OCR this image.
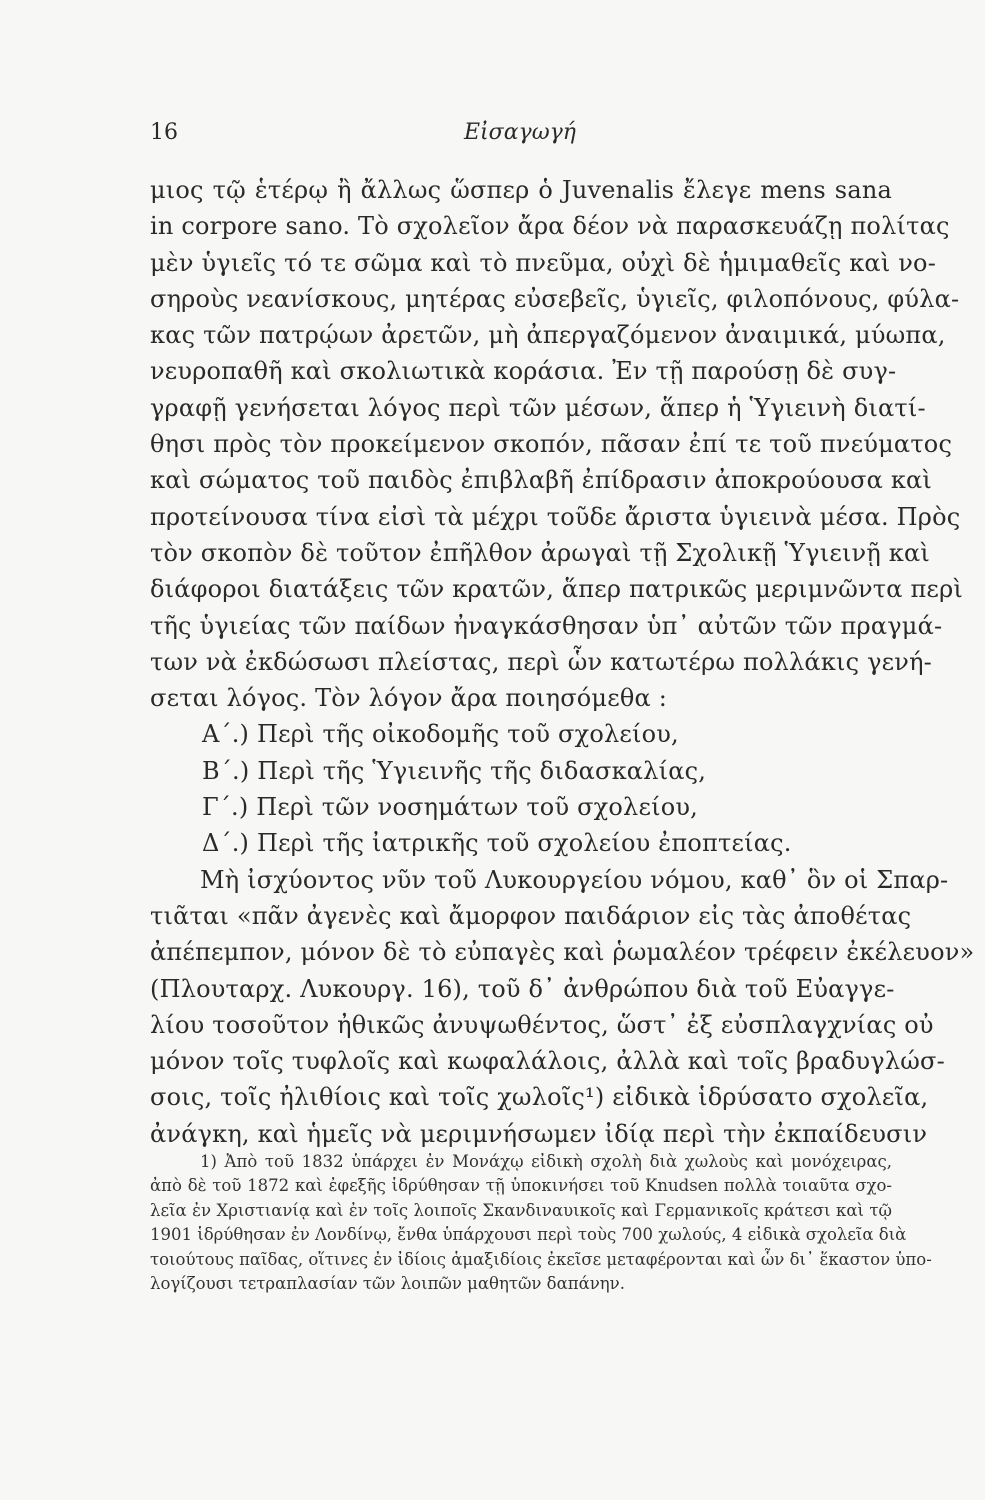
16	Εἰσαγωγή
μιος τῷ ἑτέρῳ ἢ ἄλλως ὥσπερ ὁ Juvenalis ἔλεγε mens sana
in corpore sano. Τὸ σχολεῖον ἄρα δέον νὰ παρασκευάζῃ πολίτας
μὲν ὑγιεῖς τό τε σῶμα καὶ τὸ πνεῦμα, οὐχὶ δὲ ἡμιμαθεῖς καὶ νο-
σηροὺς νεανίσκους, μητέρας εὐσεβεῖς, ὑγιεῖς, φιλοπόνους, φύλα-
κας τῶν πατρῴων ἀρετῶν, μὴ ἀπεργαζόμενον ἀναιμικά, μύωπα,
νευροπαθῆ καὶ σκολιωτικὰ κοράσια. Ἐν τῇ παρούσῃ δὲ συγ-
γραφῇ γενήσεται λόγος περὶ τῶν μέσων, ἅπερ ἡ Ὑγιεινὴ διατί-
θησι πρὸς τὸν προκείμενον σκοπόν, πᾶσαν ἐπί τε τοῦ πνεύματος
καὶ σώματος τοῦ παιδὸς ἐπιβλαβῆ ἐπίδρασιν ἀποκρούουσα καὶ
προτείνουσα τίνα εἰσὶ τὰ μέχρι τοῦδε ἄριστα ὑγιεινὰ μέσα. Πρὸς
τὸν σκοπὸν δὲ τοῦτον ἐπῆλθον ἀρωγαὶ τῇ Σχολικῇ Ὑγιεινῇ καὶ
διάφοροι διατάξεις τῶν κρατῶν, ἅπερ πατρικῶς μεριμνῶντα περὶ
τῆς ὑγιείας τῶν παίδων ἠναγκάσθησαν ὑπ᾽ αὐτῶν τῶν πραγμά-
των νὰ ἐκδώσωσι πλείστας, περὶ ὧν κατωτέρω πολλάκις γενή-
σεται λόγος. Τὸν λόγον ἄρα ποιησόμεθα :
Α΄.) Περὶ τῆς οἰκοδομῆς τοῦ σχολείου,
Β΄.) Περὶ τῆς Ὑγιεινῆς τῆς διδασκαλίας,
Γ΄.) Περὶ τῶν νοσημάτων τοῦ σχολείου,
Δ΄.) Περὶ τῆς ἰατρικῆς τοῦ σχολείου ἐποπτείας.
Μὴ ἰσχύοντος νῦν τοῦ Λυκουργείου νόμου, καθ᾽ ὃν οἱ Σπαρ-
τιᾶται «πᾶν ἀγενὲς καὶ ἄμορφον παιδάριον εἰς τὰς ἀποθέτας
ἀπέπεμπον, μόνον δὲ τὸ εὐπαγὲς καὶ ῥωμαλέον τρέφειν ἐκέλευον»
(Πλουταρχ. Λυκουργ. 16), τοῦ δ᾽ ἀνθρώπου διὰ τοῦ Εὐαγγε-
λίου τοσοῦτον ἠθικῶς ἀνυψωθέντος, ὥστ᾽ ἐξ εὐσπλαγχνίας οὐ
μόνον τοῖς τυφλοῖς καὶ κωφαλάλοις, ἀλλὰ καὶ τοῖς βραδυγλώσ-
σοις, τοῖς ἠλιθίοις καὶ τοῖς χωλοῖς¹) εἰδικὰ ἱδρύσατο σχολεῖα,
ἀνάγκη, καὶ ἡμεῖς νὰ μεριμνήσωμεν ἰδίᾳ περὶ τὴν ἐκπαίδευσιν
1) Ἀπὸ τοῦ 1832 ὑπάρχει ἐν Μονάχῳ εἰδικὴ σχολὴ διὰ χωλοὺς καὶ μονόχειρας,
ἀπὸ δὲ τοῦ 1872 καὶ ἐφεξῆς ἱδρύθησαν τῇ ὑποκινήσει τοῦ Knudsen πολλὰ τοιαῦτα σχο-
λεῖα ἐν Χριστιανίᾳ καὶ ἐν τοῖς λοιποῖς Σκανδιναυικοῖς καὶ Γερμανικοῖς κράτεσι καὶ τῷ
1901 ἱδρύθησαν ἐν Λονδίνῳ, ἔνθα ὑπάρχουσι περὶ τοὺς 700 χωλούς, 4 εἰδικὰ σχολεῖα διὰ
τοιούτους παῖδας, οἵτινες ἐν ἰδίοις ἁμαξιδίοις ἐκεῖσε μεταφέρονται καὶ ὧν δι᾽ ἕκαστον ὑπο-
λογίζουσι τετραπλασίαν τῶν λοιπῶν μαθητῶν δαπάνην.
